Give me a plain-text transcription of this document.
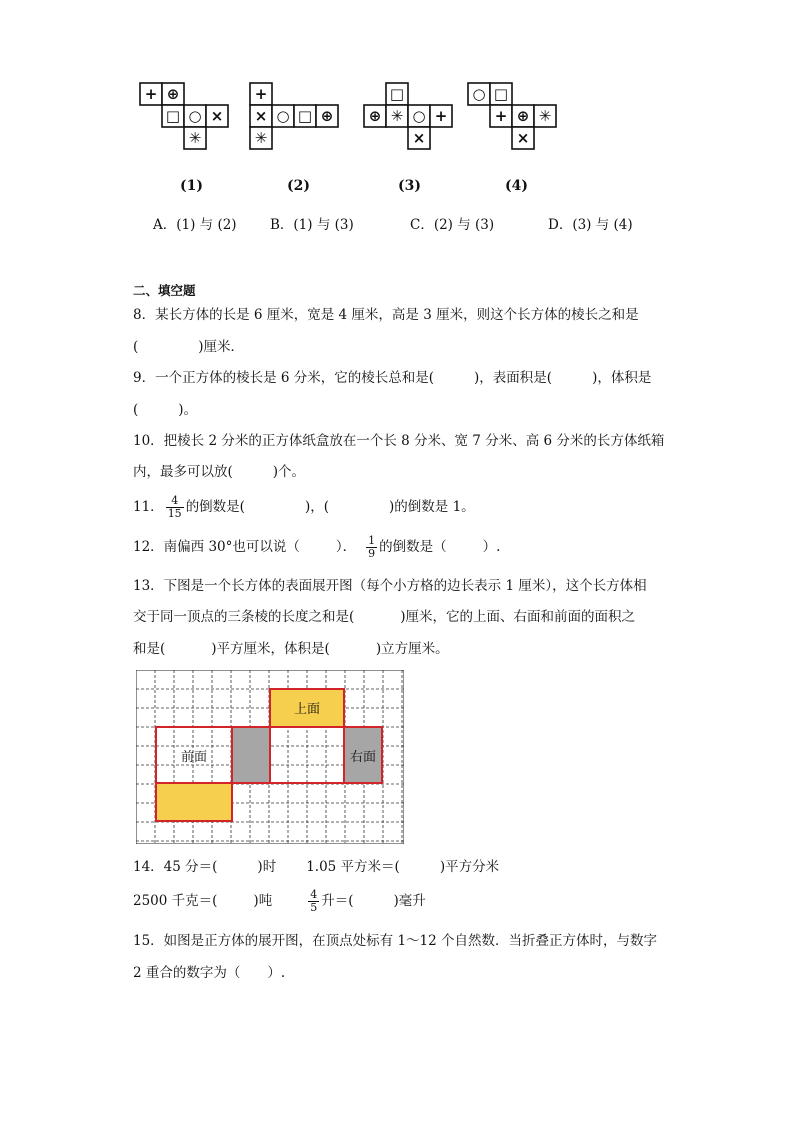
+ ⊕
□ ○ ×
✳
+
× ○ □ ⊕
✳
□
⊕ ✳ ○ +
×
○ □
+ ⊕ ✳
×
(1)	(2)	(3)	(4)
A．(1) 与 (2) B．(1) 与 (3)	C．(2) 与 (3)	D．(3) 与 (4)
二、填空题
8．某长方体的长是 6 厘米，宽是 4 厘米，高是 3 厘米，则这个长方体的棱长之和是
(	)厘米．
9．一个正方体的棱长是 6 分米，它的棱长总和是(	)，表面积是(	)，体积是
(	)。
10．把棱长 2 分米的正方体纸盒放在一个长 8 分米、宽 7 分米、高 6 分米的长方体纸箱
内，最多可以放(	)个。
11． $\frac{4}{15}$ 的倒数是(	)，(	)的倒数是 1。
12．南偏西 30°也可以说（	）． $\frac{1}{9}$ 的倒数是（	）.
13．下图是一个长方体的表面展开图（每个小方格的边长表示 1 厘米），这个长方体相
交于同一顶点的三条棱的长度之和是(	)厘米，它的上面、右面和前面的面积之
和是(	)平方厘米，体积是(	)立方厘米。
上面
前面	右面
14．45 分＝(	)时 1.05 平方米＝(	)平方分米
2500 千克＝(	)吨	$\frac{4}{5}$ 升＝(	)毫升
15．如图是正方体的展开图，在顶点处标有 1～12 个自然数．当折叠正方体时，与数字
2 重合的数字为（　　）.
